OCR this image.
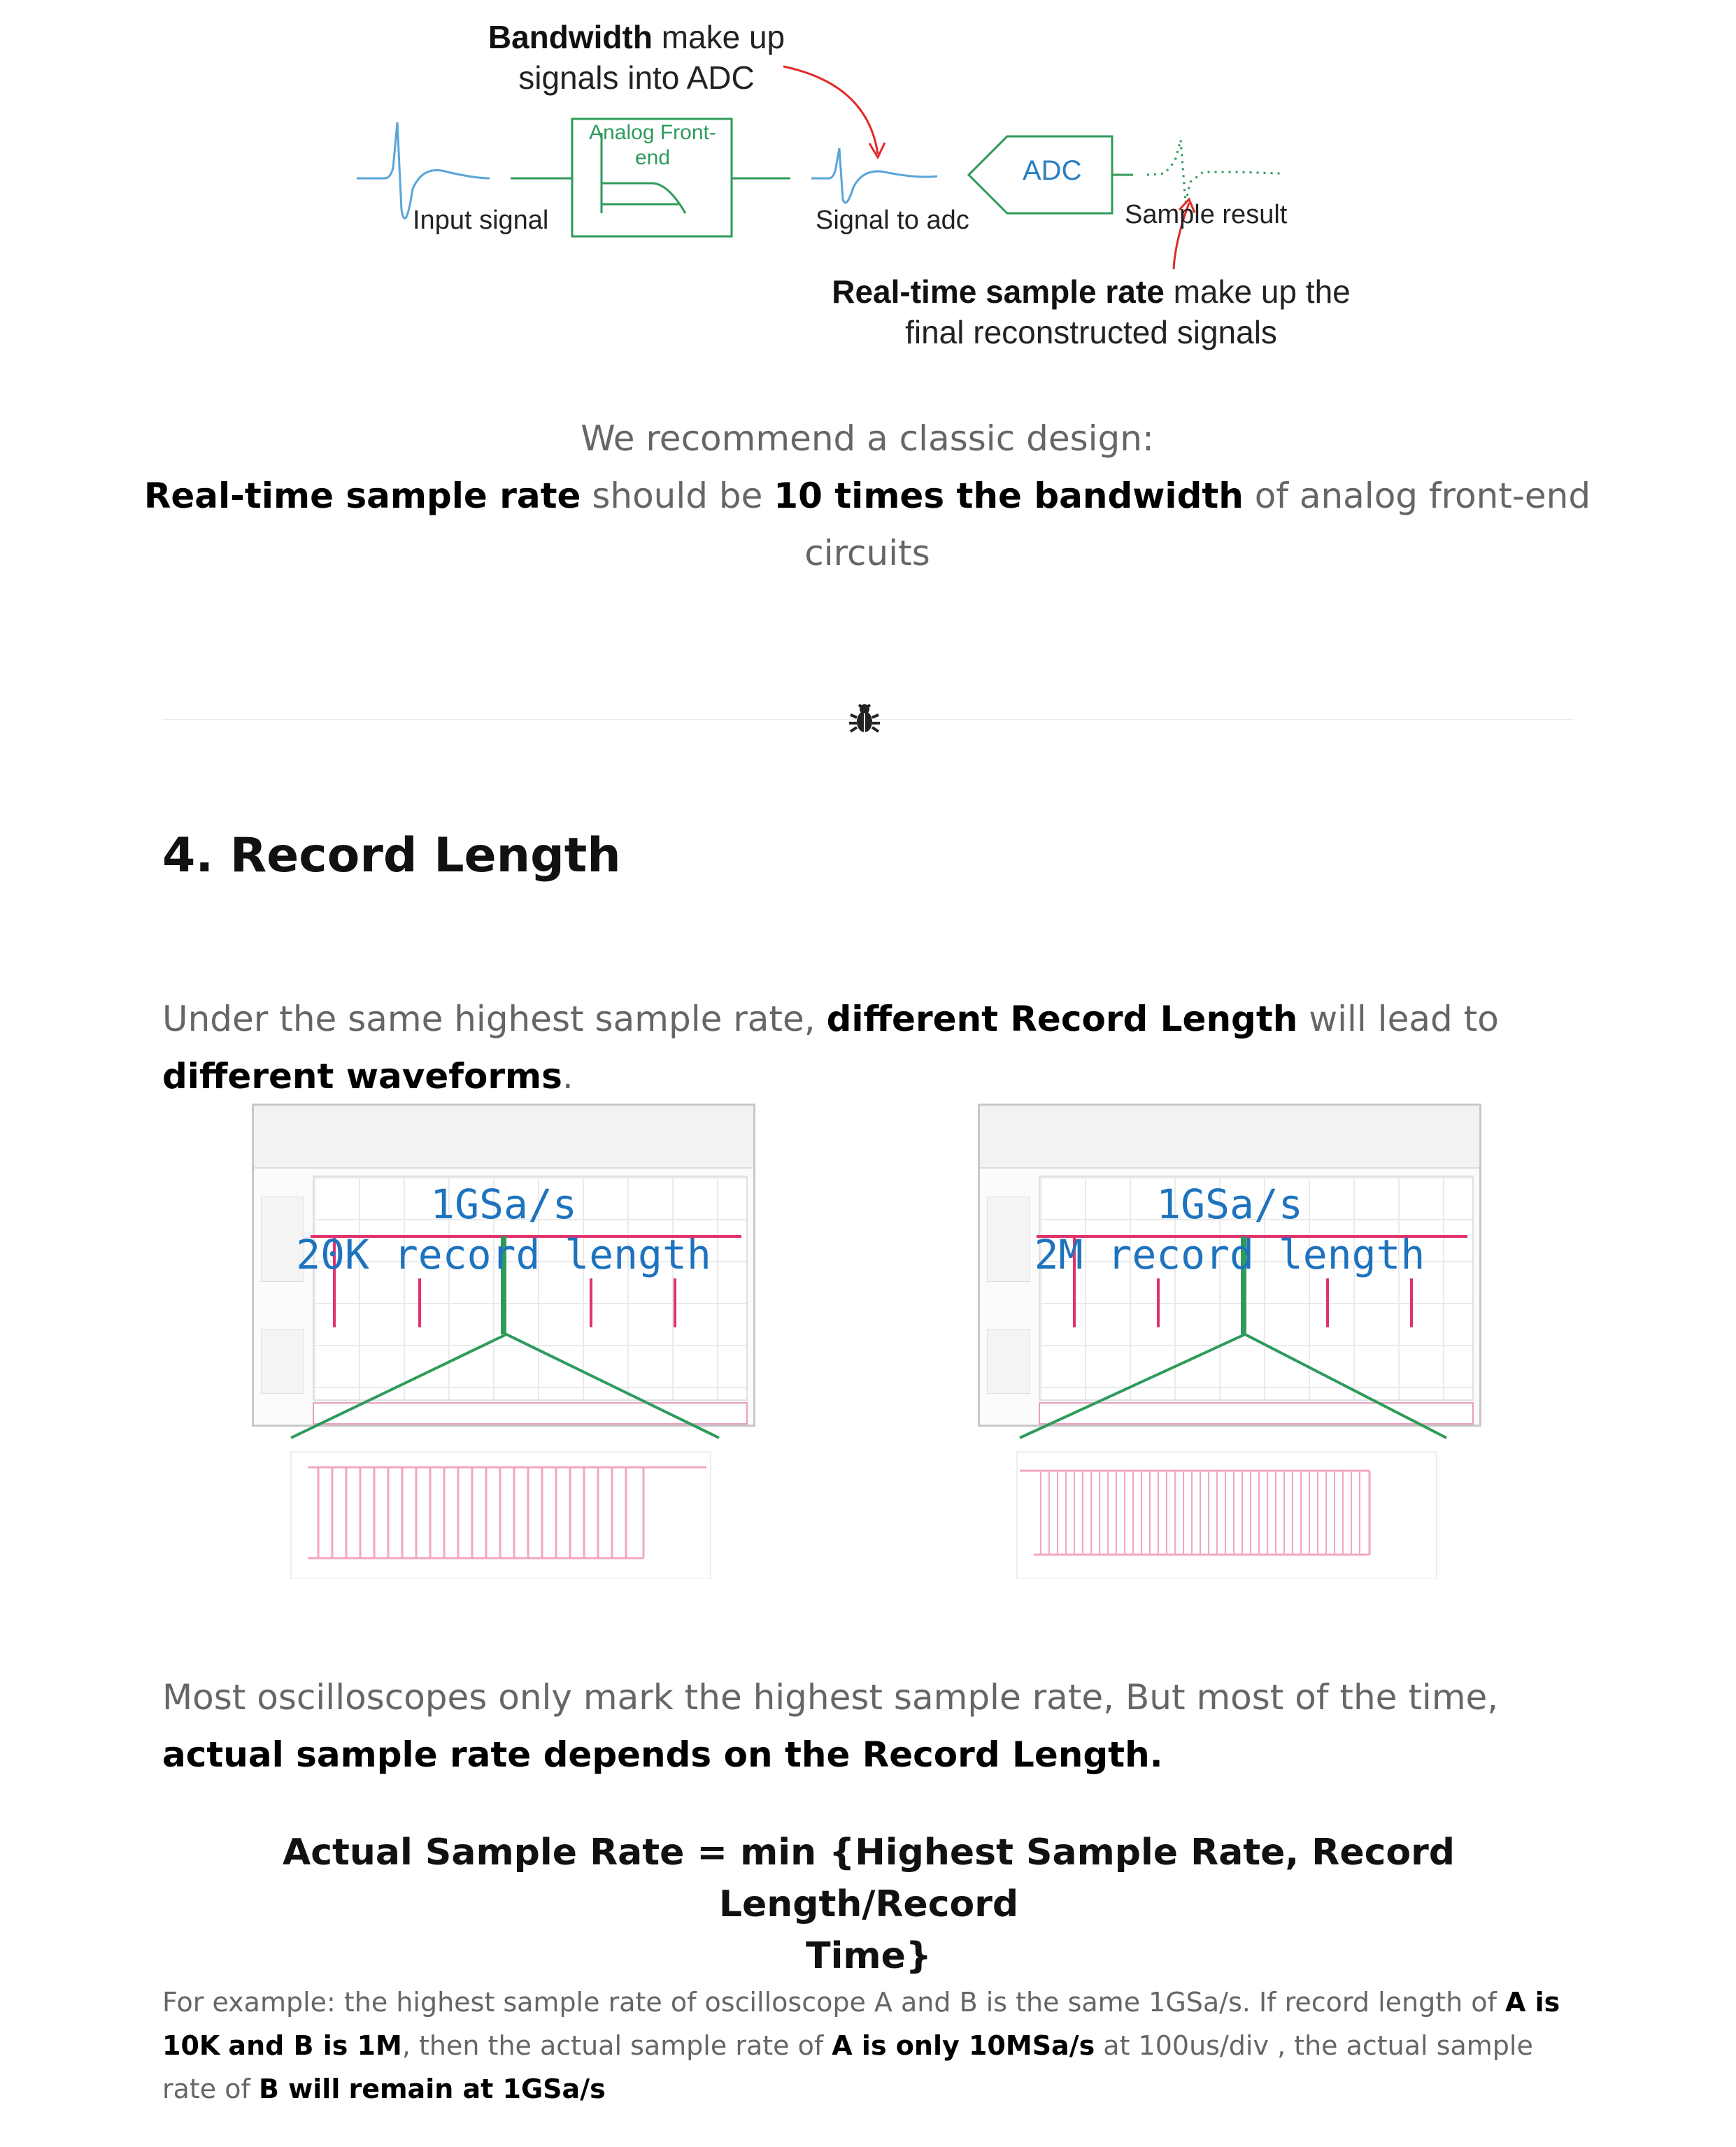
Bandwidth make up
signals into ADC
Analog Front-
end
Input signal	Signal to adc
ADC
Sample result
Real-time sample rate make up the
final reconstructed signals
We recommend a classic design:
Real-time sample rate should be 10 times the bandwidth of analog front-end
circuits
4. Record Length
Under the same highest sample rate, different Record Length will lead to
different waveforms.
1GSa/s
20K record length
1GSa/s
2M record length
Most oscilloscopes only mark the highest sample rate, But most of the time,
actual sample rate depends on the Record Length.
Actual Sample Rate = min {Highest Sample Rate, Record Length/Record
Time}
For example: the highest sample rate of oscilloscope A and B is the same 1GSa/s. If record length of A is 10K and B is 1M, then the actual sample rate of A is only 10MSa/s at 100us/div , the actual sample rate of B will remain at 1GSa/s
